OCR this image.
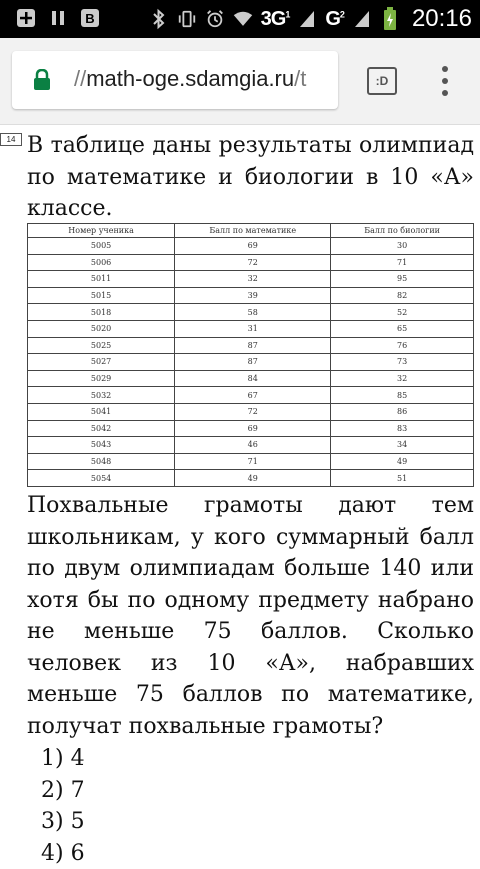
B	$3G^1$ $G^2$	20:16
//math-oge.sdamgia.ru/t	:D
14 В таблице даны результаты олимпиад по математике и биологии в 10 «А» классе.
Номер ученика	Балл по математике	Балл по биологии
5005	69	30
5006	72	71
5011	32	95
5015	39	82
5018	58	52
5020	31	65
5025	87	76
5027	87	73
5029	84	32
5032	67	85
5041	72	86
5042	69	83
5043	46	34
5048	71	49
5054	49	51
Похвальные грамоты дают тем школьникам, у кого суммарный балл по двум олимпиадам больше 140 или хотя бы по одному предмету набрано не меньше 75 баллов. Сколько человек из 10 «А», набравших меньше 75 баллов по математике, получат похвальные грамоты?
1) 4
2) 7
3) 5
4) 6
